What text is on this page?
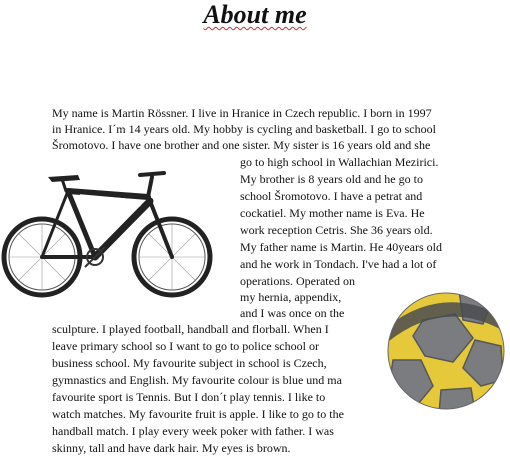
About me
My name is Martin Rössner. I live in Hranice in Czech republic. I born in 1997
in Hranice. I´m 14 years old. My hobby is cycling and basketball. I go to school
Šromotovo. I have one brother and one sister. My sister is 16 years old and she
go to high school in Wallachian Mezirici.
My brother is 8 years old and he go to
school Šromotovo. I have a petrat and
cockatiel. My mother name is Eva. He
work reception Cetris. She 36 years old.
My father name is Martin. He 40years old
and he work in Tondach. I've had a lot of
operations. Operated on
my hernia, appendix,
and I was once on the
sculpture. I played football, handball and florball. When I
leave primary school so I want to go to police school or
business school. My favourite subject in school is Czech,
gymnastics and English. My favourite colour is blue und ma
favourite sport is Tennis. But I don´t play tennis. I like to
watch matches. My favourite fruit is apple. I like to go to the
handball match. I play every week poker with father. I was
skinny, tall and have dark hair. My eyes is brown.
